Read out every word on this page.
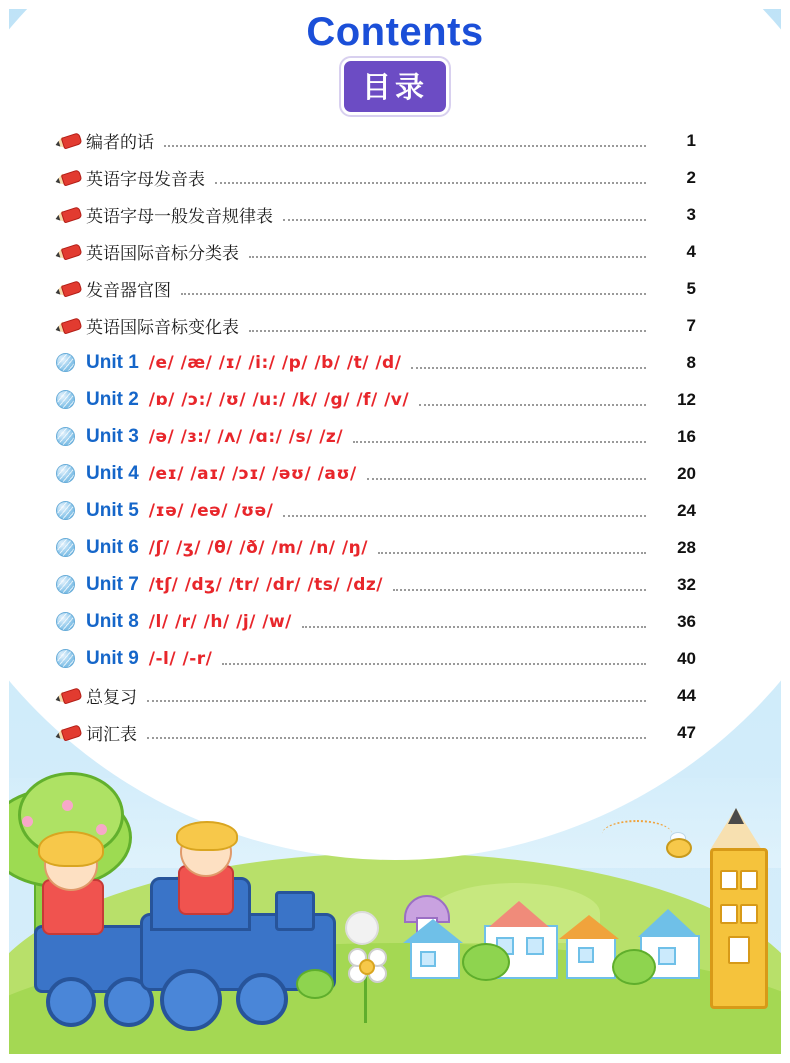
Contents
目录
编者的话	1
英语字母发音表	2
英语字母一般发音规律表	3
英语国际音标分类表	4
发音器官图	5
英语国际音标变化表	7
Unit 1 /e/ /æ/ /ɪ/ /i:/ /p/ /b/ /t/ /d/	8
Unit 2 /ɒ/ /ɔ:/ /ʊ/ /u:/ /k/ /g/ /f/ /v/	12
Unit 3 /ə/ /ɜ:/ /ʌ/ /ɑ:/ /s/ /z/	16
Unit 4 /eɪ/ /aɪ/ /ɔɪ/ /əʊ/ /aʊ/	20
Unit 5 /ɪə/ /eə/ /ʊə/	24
Unit 6 /ʃ/ /ʒ/ /θ/ /ð/ /m/ /n/ /ŋ/	28
Unit 7 /tʃ/ /dʒ/ /tr/ /dr/ /ts/ /dz/	32
Unit 8 /l/ /r/ /h/ /j/ /w/	36
Unit 9 /-l/ /-r/	40
总复习	44
词汇表	47
